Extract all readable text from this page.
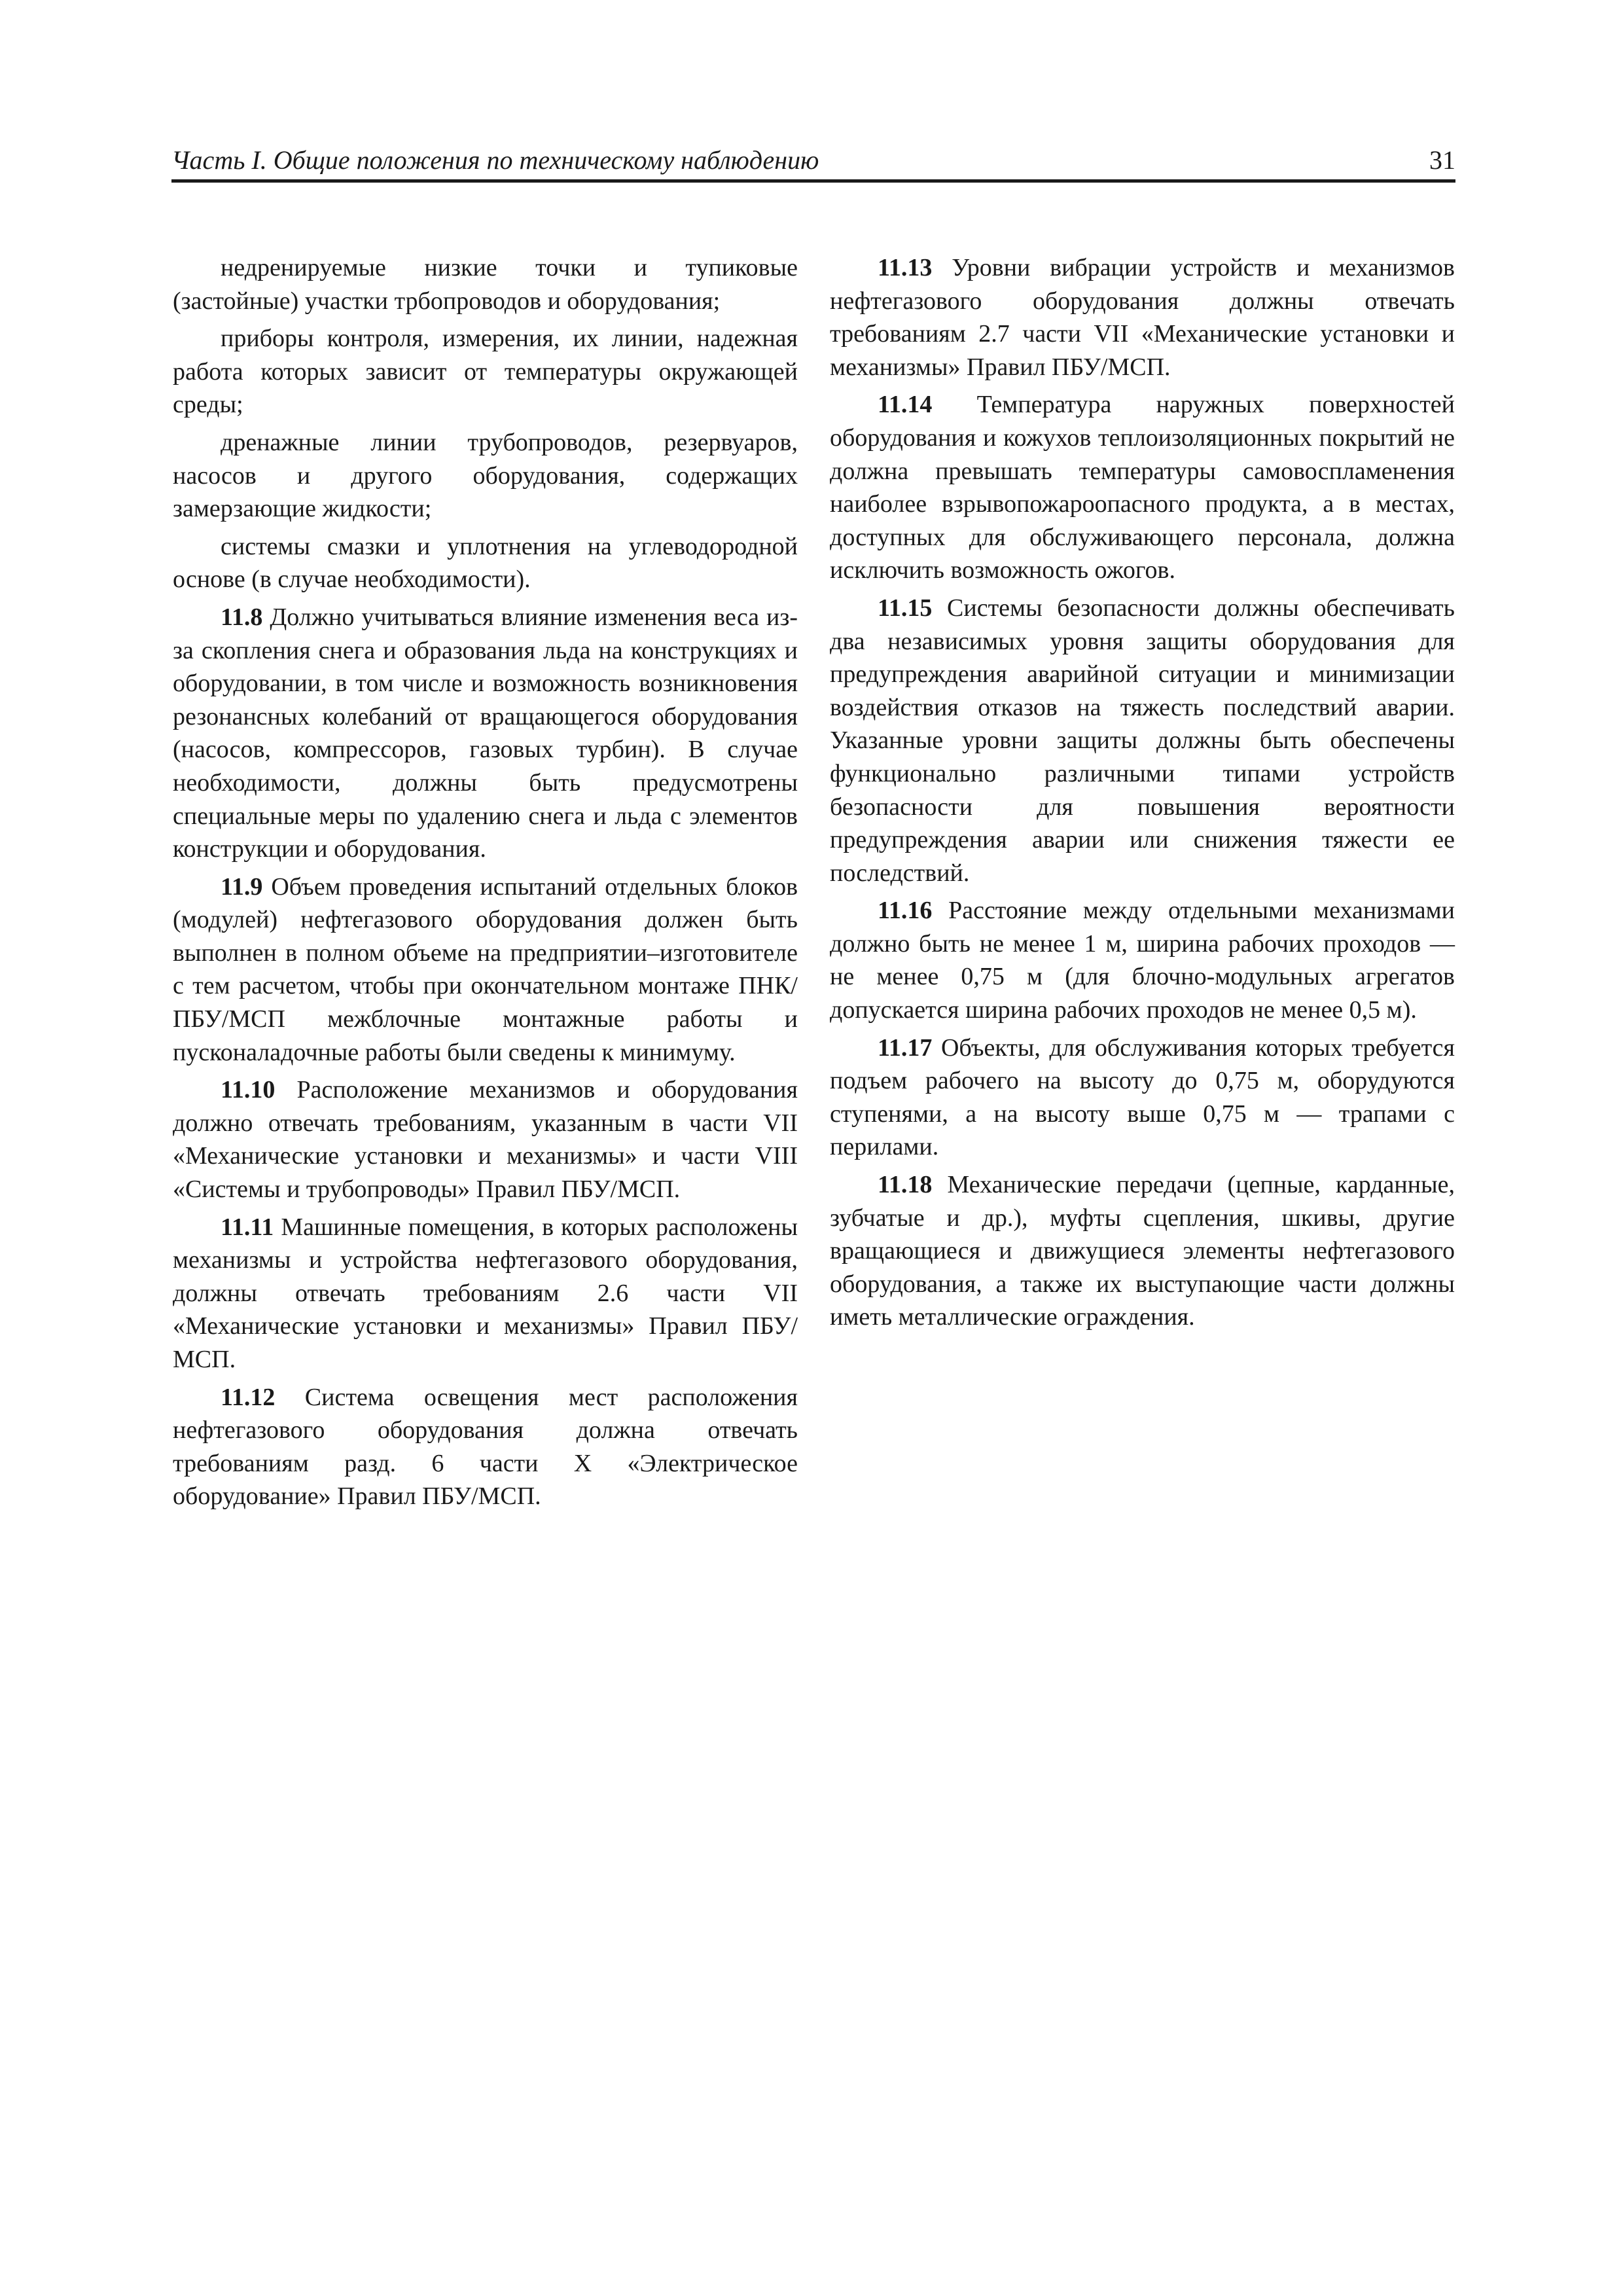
Часть I. Общие положения по техническому наблюдению	31

недренируемые низкие точки и тупиковые (застойные) участки трбопроводов и оборудования;

приборы контроля, измерения, их линии, надежная работа которых зависит от температуры окружающей среды;

дренажные линии трубопроводов, резервуаров, насосов и другого оборудования, содержащих замерзающие жидкости;

системы смазки и уплотнения на углеводородной основе (в случае необходимости).

11.8 Должно учитываться влияние изменения веса из-за скопления снега и образования льда на конструкциях и оборудовании, в том числе и возможность возникновения резонансных колебаний от вращающегося оборудования (насосов, компрессоров, газовых турбин). В случае необходимости, должны быть предусмотрены специальные меры по удалению снега и льда с элементов конструкции и оборудования.

11.9 Объем проведения испытаний отдельных блоков (модулей) нефтегазового оборудования должен быть выполнен в полном объеме на предприятии–изготовителе с тем расчетом, чтобы при окончательном монтаже ПНК/ПБУ/МСП межблочные монтажные работы и пусконаладочные работы были сведены к минимуму.

11.10 Расположение механизмов и оборудования должно отвечать требованиям, указанным в части VII «Механические установки и механизмы» и части VIII «Системы и трубопроводы» Правил ПБУ/МСП.

11.11 Машинные помещения, в которых расположены механизмы и устройства нефтегазового оборудования, должны отвечать требованиям 2.6 части VII «Механические установки и механизмы» Правил ПБУ/МСП.

11.12 Система освещения мест расположения нефтегазового оборудования должна отвечать требованиям разд. 6 части X «Электрическое оборудование» Правил ПБУ/МСП.

11.13 Уровни вибрации устройств и механизмов нефтегазового оборудования должны отвечать требованиям 2.7 части VII «Механические установки и механизмы» Правил ПБУ/МСП.

11.14 Температура наружных поверхностей оборудования и кожухов теплоизоляционных покрытий не должна превышать температуры самовоспламенения наиболее взрывопожароопасного продукта, а в местах, доступных для обслуживающего персонала, должна исключить возможность ожогов.

11.15 Системы безопасности должны обеспечивать два независимых уровня защиты оборудования для предупреждения аварийной ситуации и минимизации воздействия отказов на тяжесть последствий аварии. Указанные уровни защиты должны быть обеспечены функционально различными типами устройств безопасности для повышения вероятности предупреждения аварии или снижения тяжести ее последствий.

11.16 Расстояние между отдельными механизмами должно быть не менее 1 м, ширина рабочих проходов — не менее 0,75 м (для блочно-модульных агрегатов допускается ширина рабочих проходов не менее 0,5 м).

11.17 Объекты, для обслуживания которых требуется подъем рабочего на высоту до 0,75 м, оборудуются ступенями, а на высоту выше 0,75 м — трапами с перилами.

11.18 Механические передачи (цепные, карданные, зубчатые и др.), муфты сцепления, шкивы, другие вращающиеся и движущиеся элементы нефтегазового оборудования, а также их выступающие части должны иметь металлические ограждения.
